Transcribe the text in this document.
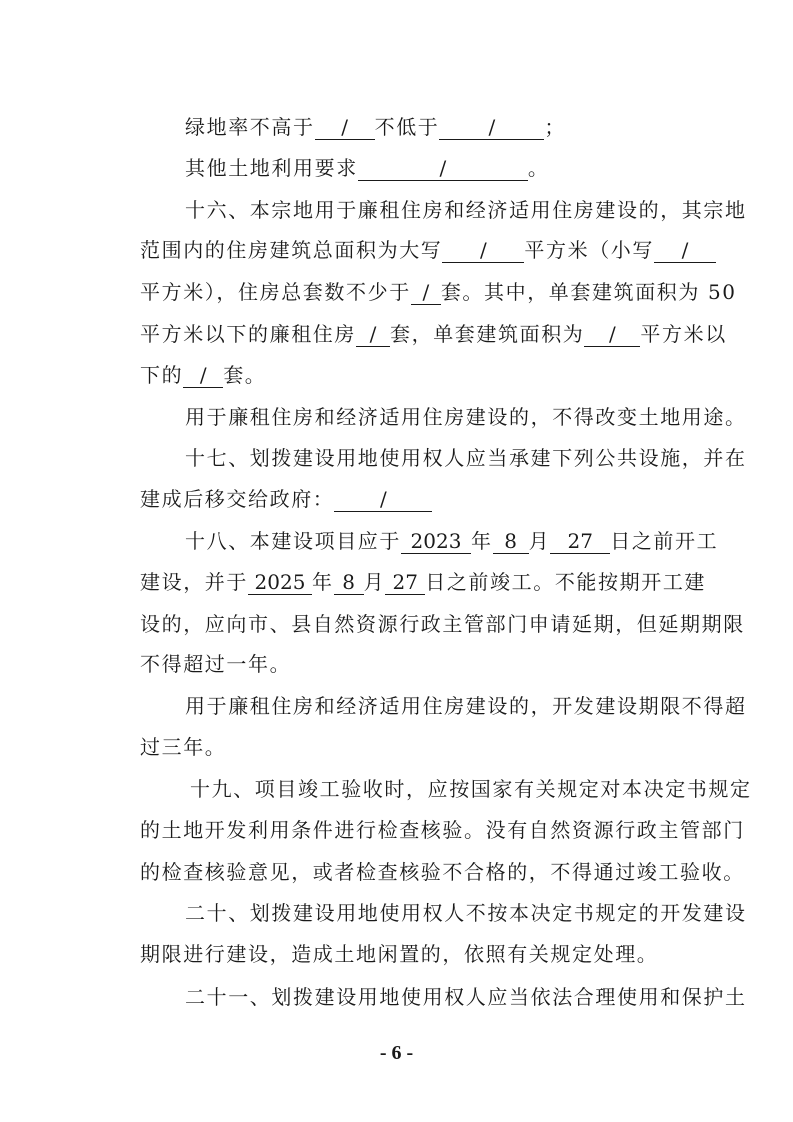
绿地率不高于 / 不低于 / ；
其他土地利用要求	/	。
十六、本宗地用于廉租住房和经济适用住房建设的，其宗地
范围内的住房建筑总面积为大写 / 平方米（小写 /
平方米），住房总套数不少于 / 套。其中，单套建筑面积为 50
平方米以下的廉租住房 / 套，单套建筑面积为 / 平方米以
下的 / 套。
用于廉租住房和经济适用住房建设的，不得改变土地用途。
十七、划拨建设用地使用权人应当承建下列公共设施，并在
建成后移交给政府： /
十八、本建设项目应于 2023 年 8 月 27 日之前开工
建设，并于 2025 年 8 月 27 日之前竣工。不能按期开工建
设的，应向市、县自然资源行政主管部门申请延期，但延期期限
不得超过一年。
用于廉租住房和经济适用住房建设的，开发建设期限不得超
过三年。
十九、项目竣工验收时，应按国家有关规定对本决定书规定
的土地开发利用条件进行检查核验。没有自然资源行政主管部门
的检查核验意见，或者检查核验不合格的，不得通过竣工验收。
二十、划拨建设用地使用权人不按本决定书规定的开发建设
期限进行建设，造成土地闲置的，依照有关规定处理。
二十一、划拨建设用地使用权人应当依法合理使用和保护土
- 6 -
